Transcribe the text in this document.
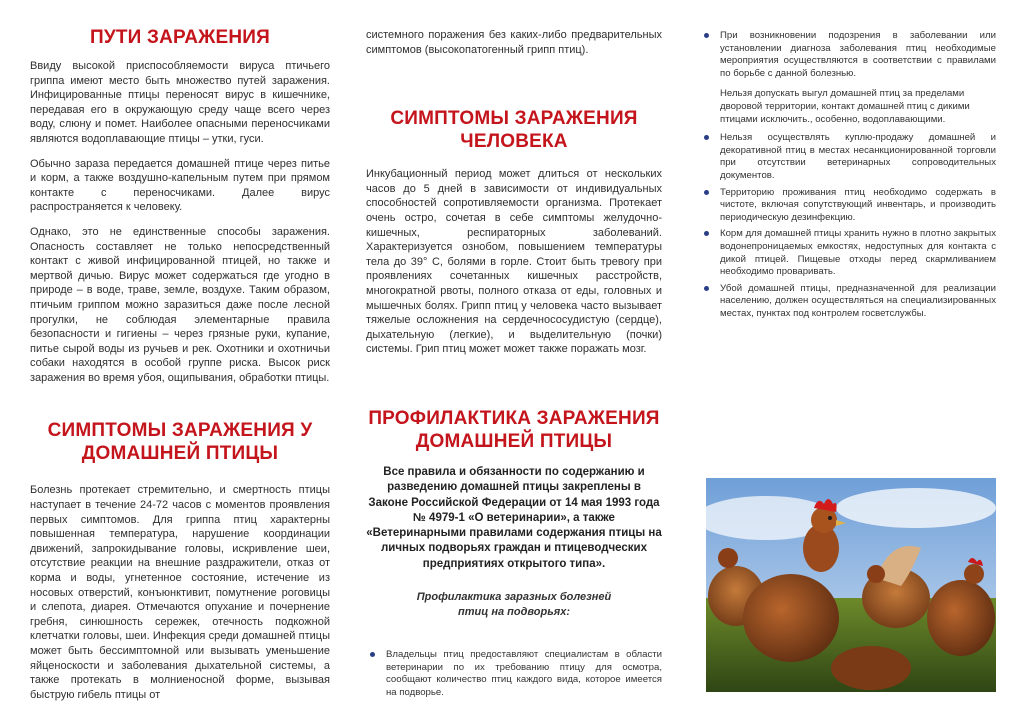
ПУТИ ЗАРАЖЕНИЯ

Ввиду высокой приспособляемости вируса птичьего гриппа имеют место быть множество путей заражения. Инфицированные птицы переносят вирус в кишечнике, передавая его в окружающую среду чаще всего через воду, слюну и помет. Наиболее опасными переносчиками являются водоплавающие птицы – утки, гуси.

Обычно зараза передается домашней птице через питье и корм, а также воздушно-капельным путем при прямом контакте с переносчиками. Далее вирус распространяется к человеку.

Однако, это не единственные способы заражения. Опасность составляет не только непосредственный контакт с живой инфицированной птицей, но также и мертвой дичью. Вирус может содержаться где угодно в природе – в воде, траве, земле, воздухе. Таким образом, птичьим гриппом можно заразиться даже после лесной прогулки, не соблюдая элементарные правила безопасности и гигиены – через грязные руки, купание, питье сырой воды из ручьев и рек. Охотники и охотничьи собаки находятся в особой группе риска. Высок риск заражения во время убоя, ощипывания, обработки птицы.

СИМПТОМЫ ЗАРАЖЕНИЯ У ДОМАШНЕЙ ПТИЦЫ

Болезнь протекает стремительно, и смертность птицы наступает в течение 24-72 часов с моментов проявления первых симптомов. Для гриппа птиц характерны повышенная температура, нарушение координации движений, запрокидывание головы, искривление шеи, отсутствие реакции на внешние раздражители, отказ от корма и воды, угнетенное состояние, истечение из носовых отверстий, конъюнктивит, помутнение роговицы и слепота, диарея. Отмечаются опухание и почернение гребня, синюшность сережек, отечность подкожной клетчатки головы, шеи. Инфекция среди домашней птицы может быть бессимптомной или вызывать уменьшение яйценоскости и заболевания дыхательной системы, а также протекать в молниеносной форме, вызывая быструю гибель птицы от

системного поражения без каких-либо предварительных симптомов (высокопатогенный грипп птиц).

СИМПТОМЫ ЗАРАЖЕНИЯ ЧЕЛОВЕКА

Инкубационный период может длиться от нескольких часов до 5 дней в зависимости от индивидуальных способностей сопротивляемости организма. Протекает очень остро, сочетая в себе симптомы желудочно-кишечных, респираторных заболеваний. Характеризуется ознобом, повышением температуры тела до 39° С, болями в горле. Стоит быть тревогу при проявлениях сочетанных кишечных расстройств, многократной рвоты, полного отказа от еды, головных и мышечных болях. Грипп птиц у человека часто вызывает тяжелые осложнения на сердечнососудистую (сердце), дыхательную (легкие), и выделительную (почки) системы. Грип птиц может может также поражать мозг.

ПРОФИЛАКТИКА ЗАРАЖЕНИЯ ДОМАШНЕЙ ПТИЦЫ

Все правила и обязанности по содержанию и разведению домашней птицы закреплены в Законе Российской Федерации от 14 мая 1993 года № 4979-1 «О ветеринарии», а также «Ветеринарными правилами содержания птицы на личных подворьях граждан и птицеводческих предприятиях открытого типа».

Профилактика заразных болезней птиц на подворьях:

Владельцы птиц предоставляют специалистам в области ветеринарии по их требованию птицу для осмотра, сообщают количество птиц каждого вида, которое имеется на подворье.
При возникновении подозрения в заболевании или установлении диагноза заболевания птиц необходимые мероприятия осуществляются в соответствии с правилами по борьбе с данной болезнью.
Нельзя допускать выгул домашней птиц за пределами дворовой территории, контакт домашней птиц с дикими птицами исключить., особенно, водоплавающими.
Нельзя осуществлять куплю-продажу домашней и декоративной птиц в местах несанкционированной торговли при отсутствии ветеринарных сопроводительных документов.
Территорию проживания птиц необходимо содержать в чистоте, включая сопутствующий инвентарь, и производить периодическую дезинфекцию.
Корм для домашней птицы хранить нужно в плотно закрытых водонепроницаемых емкостях, недоступных для контакта с дикой птицей. Пищевые отходы перед скармливанием необходимо проваривать.
Убой домашней птицы, предназначенной для реализации населению, должен осуществляться на специализированных местах, пунктах под контролем госветслужбы.
